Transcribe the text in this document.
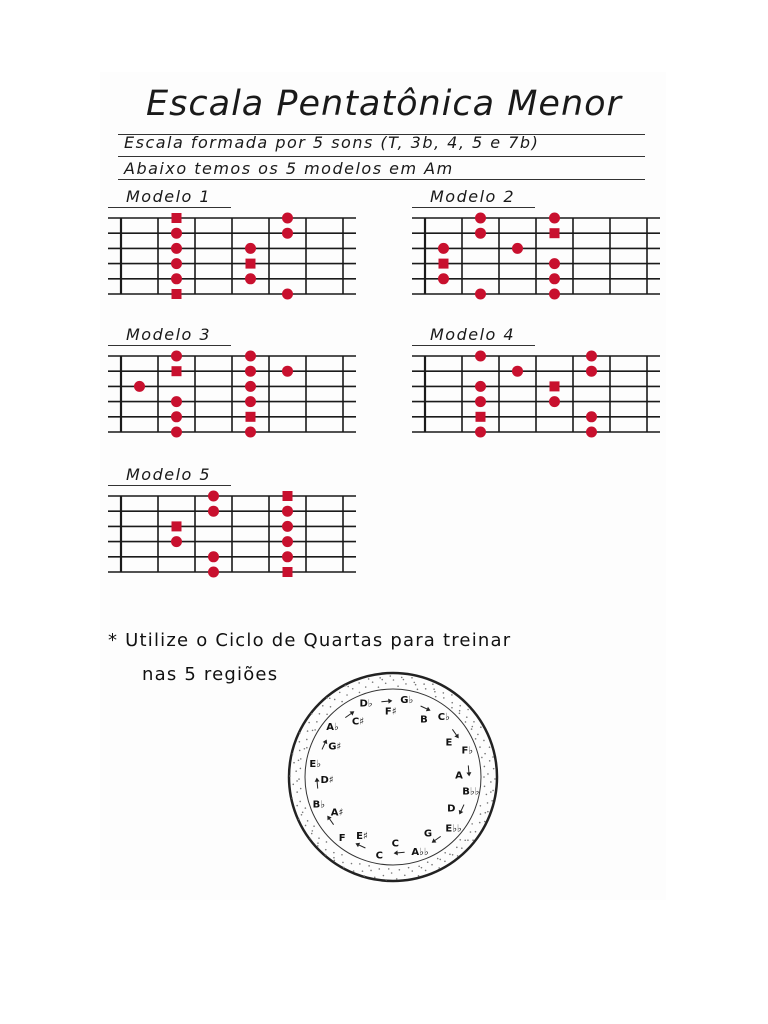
Escala Pentatônica Menor
Escala formada por 5 sons (T, 3b, 4, 5 e 7b)
Abaixo temos os 5 modelos em Am
Modelo 1	Modelo 2
Modelo 3	Modelo 4
Modelo 5
* Utilize o Ciclo de Quartas para treinar
nas 5 regiões
C
F
B♭
E♭
A♭
D♭	G♭
C♭
F♭
B♭♭
E♭♭
A♭♭
C
G
D
A
E
B
F♯
C♯
G♯
D♯
A♯
E♯
